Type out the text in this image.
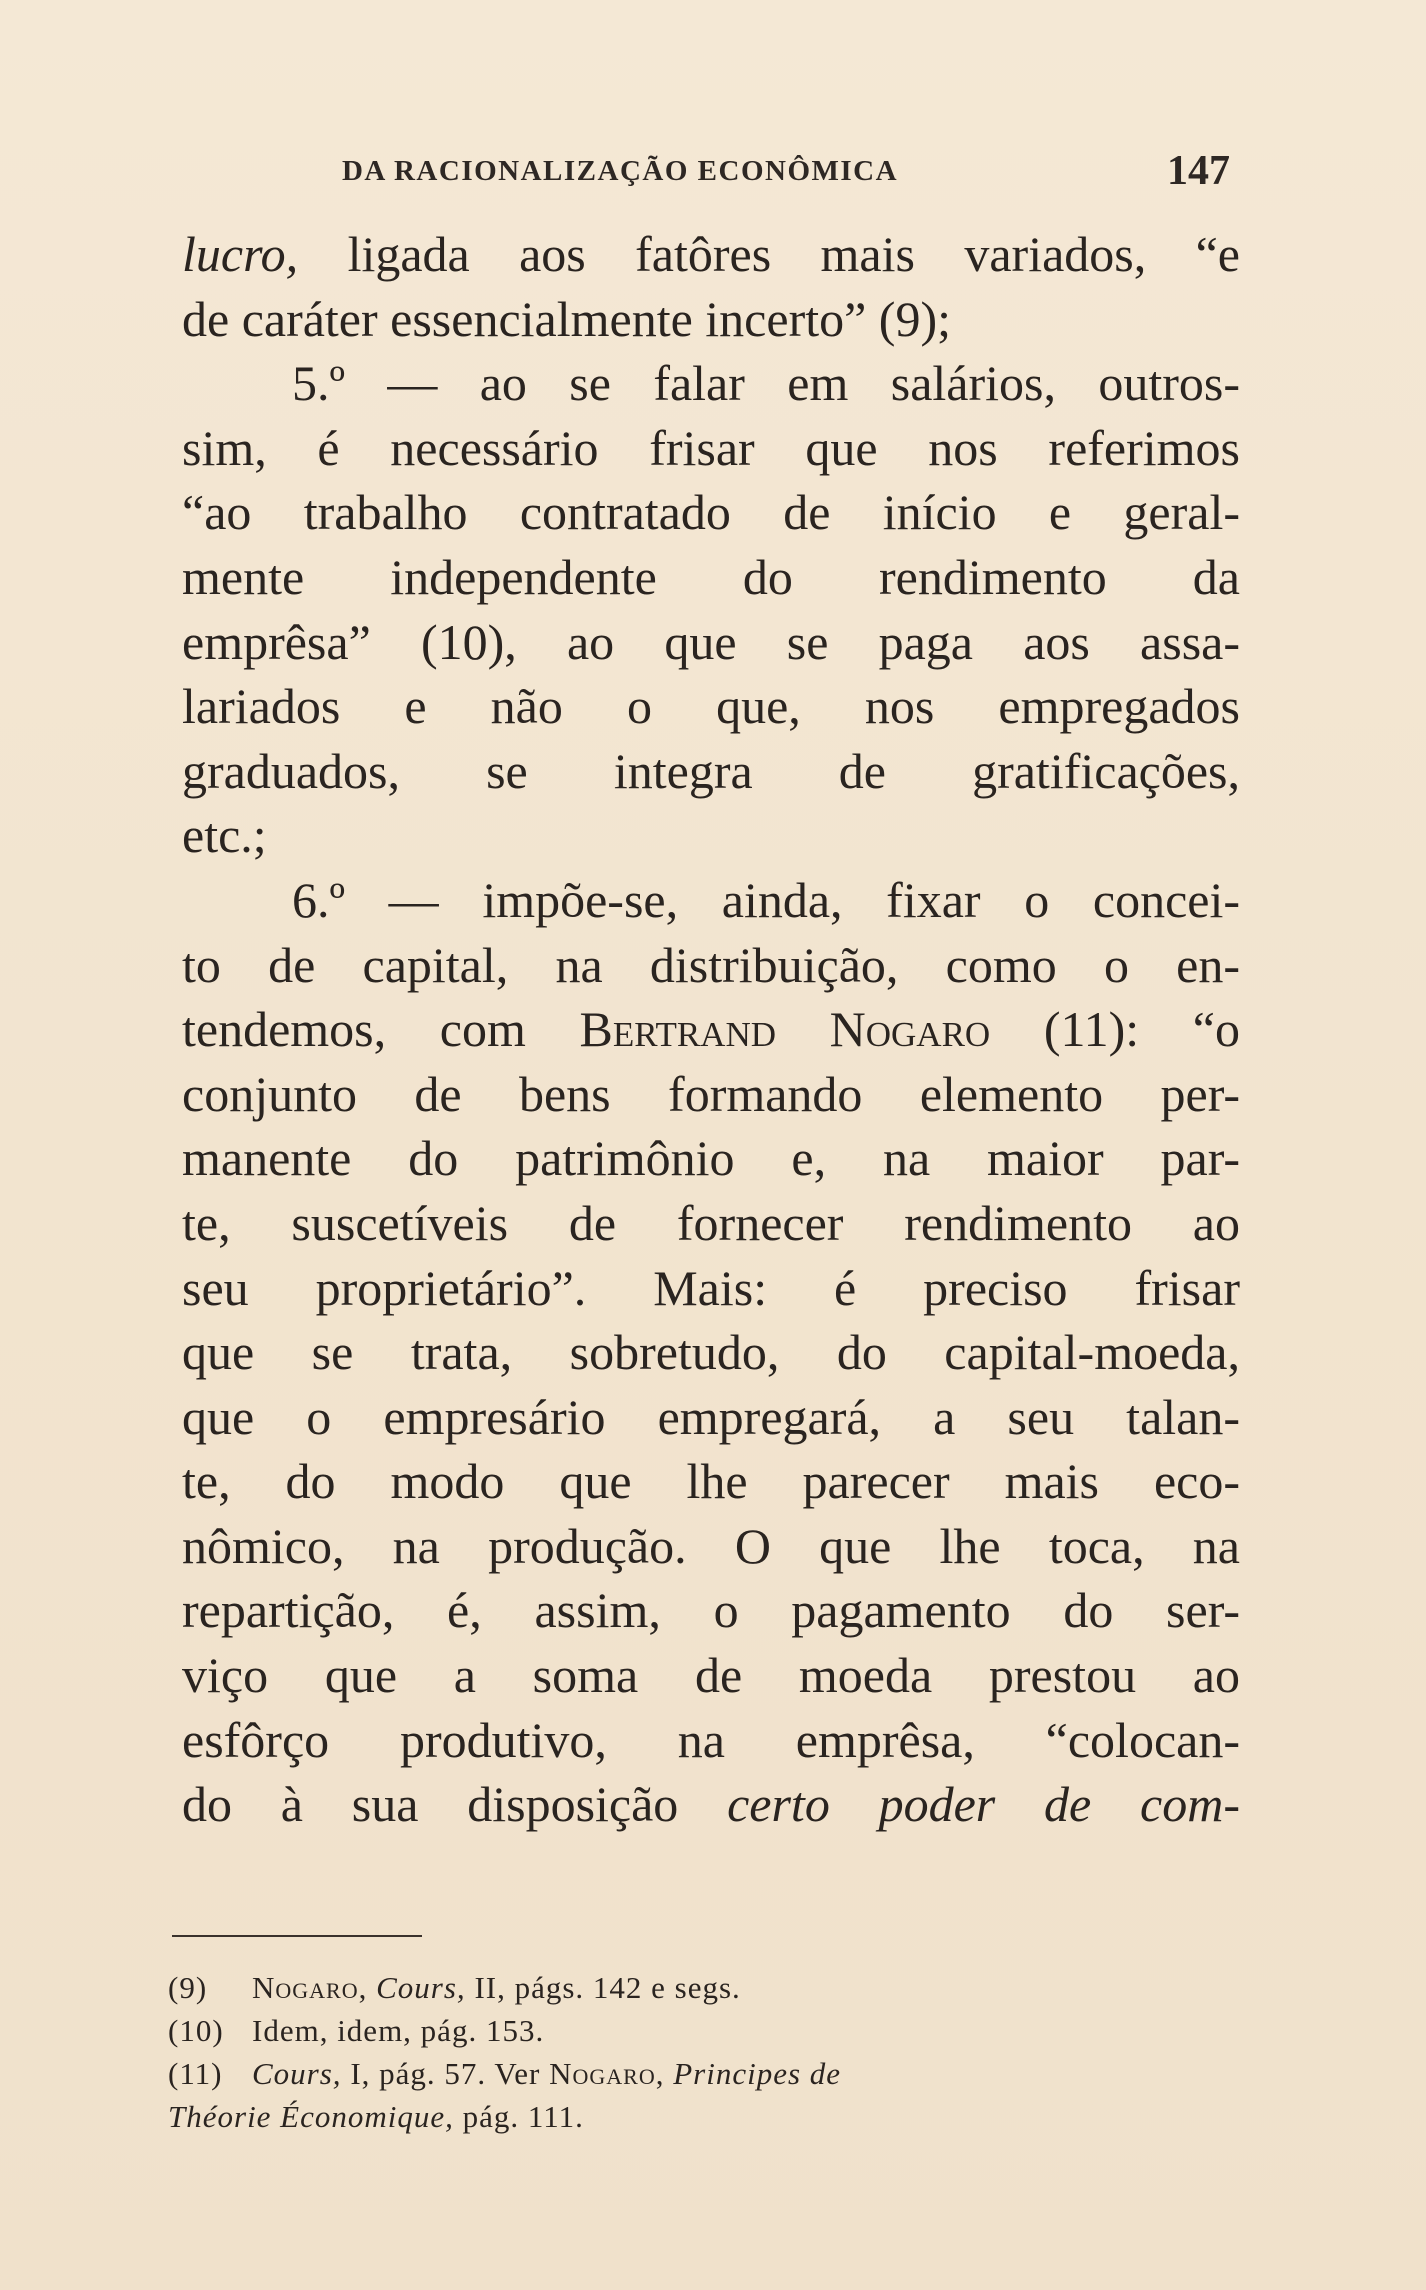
DA RACIONALIZAÇÃO ECONÔMICA	147
lucro, ligada aos fatôres mais variados, “e
de caráter essencialmente incerto” (9);
5.º — ao se falar em salários, outros-
sim, é necessário frisar que nos referimos
“ao trabalho contratado de início e geral-
mente independente do rendimento da
emprêsa” (10), ao que se paga aos assa-
lariados e não o que, nos empregados
graduados, se integra de gratificações,
etc.;
6.º — impõe-se, ainda, fixar o concei-
to de capital, na distribuição, como o en-
tendemos, com Bertrand Nogaro (11): “o
conjunto de bens formando elemento per-
manente do patrimônio e, na maior par-
te, suscetíveis de fornecer rendimento ao
seu proprietário”. Mais: é preciso frisar
que se trata, sobretudo, do capital-moeda,
que o empresário empregará, a seu talan-
te, do modo que lhe parecer mais eco-
nômico, na produção. O que lhe toca, na
repartição, é, assim, o pagamento do ser-
viço que a soma de moeda prestou ao
esfôrço produtivo, na emprêsa, “colocan-
do à sua disposição certo poder de com-
(9) Nogaro, Cours, II, págs. 142 e segs.
(10) Idem, idem, pág. 153.
(11) Cours, I, pág. 57. Ver Nogaro, Principes de
Théorie Économique, pág. 111.
